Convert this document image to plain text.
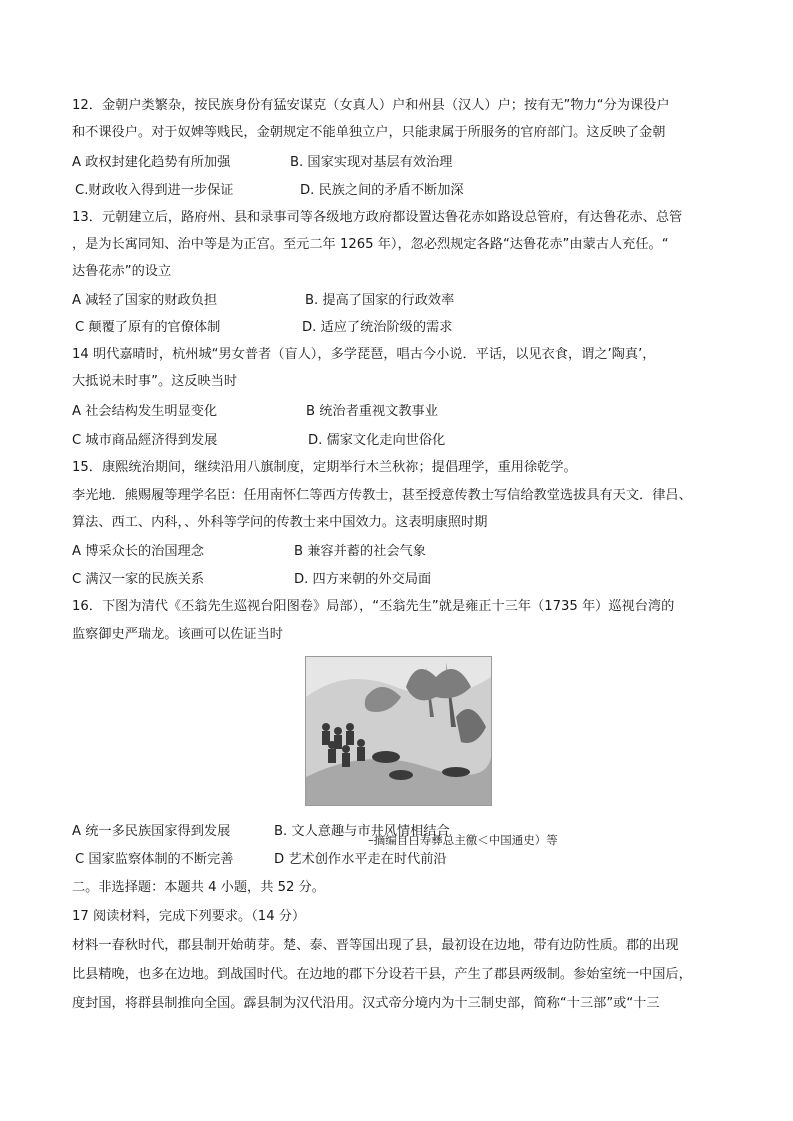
12．金朝户类繁杂，按民族身份有猛安谋克（女真人）户和州县（汉人）户；按有无”物力“分为课役户
和不课役户。对于奴婢等贱民，金朝规定不能单独立户，只能隶属于所服务的官府部门。这反映了金朝
A 政权封建化趋势有所加强	B. 国家实现对基层有效治理
C.财政收入得到进一步保证	D. 民族之间的矛盾不断加深
13．元朝建立后，路府州、县和录事司等各级地方政府都设置达鲁花赤如路设总管府，有达鲁花赤、总管
，是为长寓同知、治中等是为正宫。至元二年 1265 年），忽必烈规定各路“达鲁花赤”由蒙古人充任。“
达鲁花赤”的设立
A 减轻了国家的财政负担	B. 提高了国家的行政效率
C 颠覆了原有的官僚体制	D. 适应了统治阶级的需求
14 明代嘉晴时，杭州城“男女普者（盲人），多学琵琶，唱古今小说．平话，以见衣食，谓之’陶真’，
大抵说未时事”。这反映当时
A 社会结构发生明显变化	B 统治者重视文教事业
C 城市商品經济得到发展	D. 儒家文化走向世俗化
15．康熙统治期间，继续沿用八旗制度，定期举行木兰秋祢；提倡理学，重用徐乾学。
李光地．熊赐履等理学名臣：任用南怀仁等西方传教士，甚至授意传教士写信给教堂选拔具有天文．律吕、
算法、西工、内科，、外科等学问的传教士来中国效力。这表明康照时期
A 博采众长的治国理念	B 兼容并蓄的社会气象
C 满汉一家的民族关系	D. 四方来朝的外交局面
16．下图为清代《丕翁先生巡视台阳图卷》局部），“丕翁先生”就是雍正十三年（1735 年）巡视台湾的
监察御史严瑞龙。该画可以佐证当时
–摘编自白寿彝总主徼＜中国通史）等
A 统一多民族国家得到发展	B. 文人意趣与市井风情相结合
C 国家监察体制的不断完善	D 艺术创作水平走在时代前沿
二。非选择题：本题共 4 小题，共 52 分。
17 阅读材料，完成下列要求。（14 分）
材料一春秋时代，郡县制开始萌芽。楚、泰、晋等国出现了县，最初设在边地，带有边防性质。郡的出现
比县精晚，也多在边地。到战国时代。在边地的郡下分设若干县，产生了郡县两级制。参始室统一中国后，
度封国，将群县制推向全国。霹县制为汉代沿用。汉式帝分境内为十三制史部，简称“十三部”或“十三
